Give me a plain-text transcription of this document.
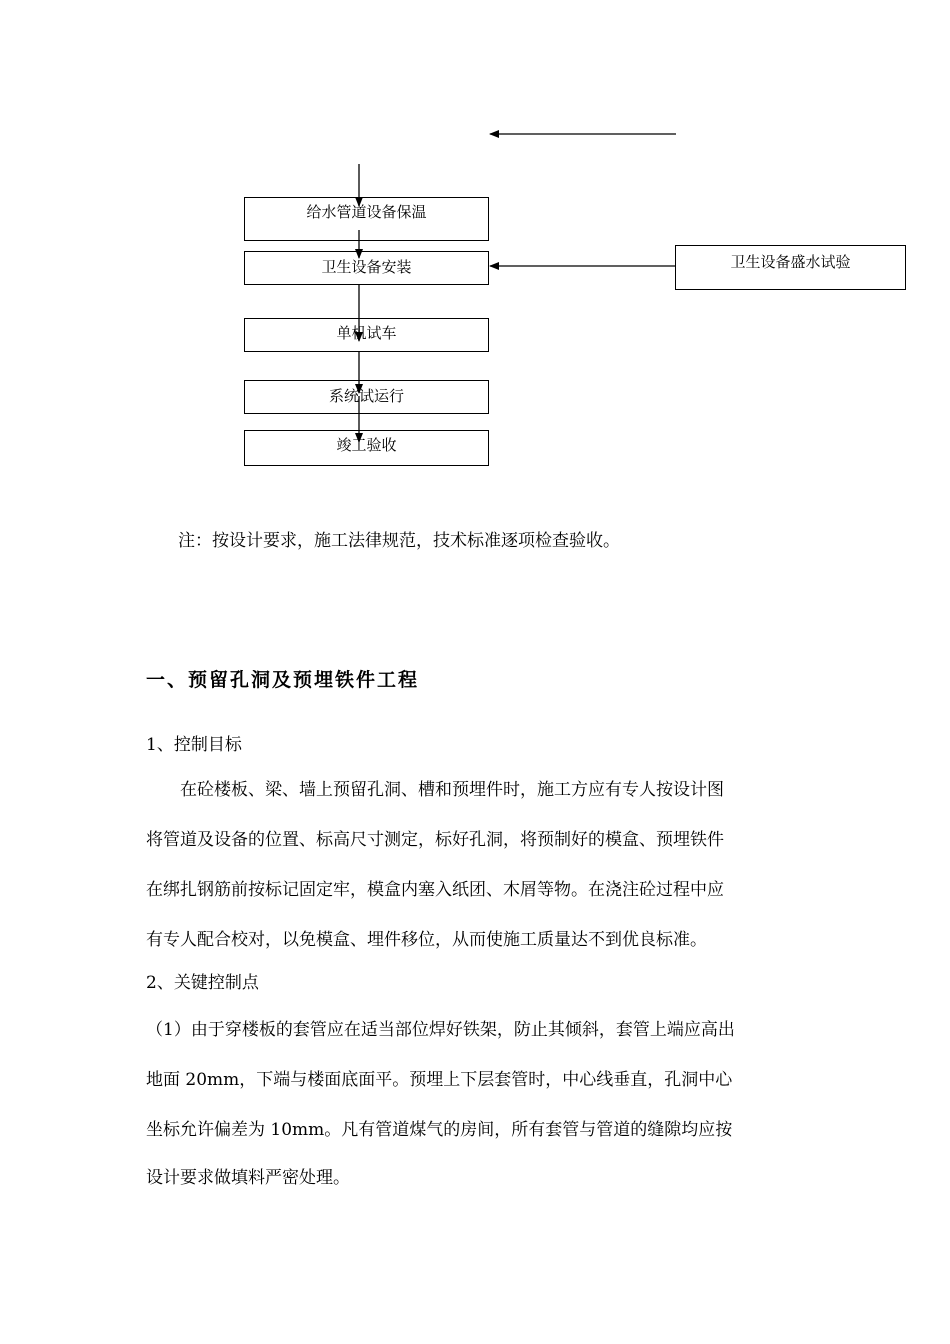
给水管道设备保温
卫生设备安装
单机试车
系统试运行
竣工验收
卫生设备盛水试验
注：按设计要求，施工法律规范，技术标准逐项检查验收。
一、预留孔洞及预埋铁件工程
1、控制目标
　　在砼楼板、梁、墙上预留孔洞、槽和预埋件时，施工方应有专人按设计图
将管道及设备的位置、标高尺寸测定，标好孔洞，将预制好的模盒、预埋铁件
在绑扎钢筋前按标记固定牢，模盒内塞入纸团、木屑等物。在浇注砼过程中应
有专人配合校对，以免模盒、埋件移位，从而使施工质量达不到优良标准。
2、关键控制点
（1）由于穿楼板的套管应在适当部位焊好铁架，防止其倾斜，套管上端应高出
地面 20mm，下端与楼面底面平。预埋上下层套管时，中心线垂直，孔洞中心
坐标允许偏差为 10mm。凡有管道煤气的房间，所有套管与管道的缝隙均应按
设计要求做填料严密处理。
